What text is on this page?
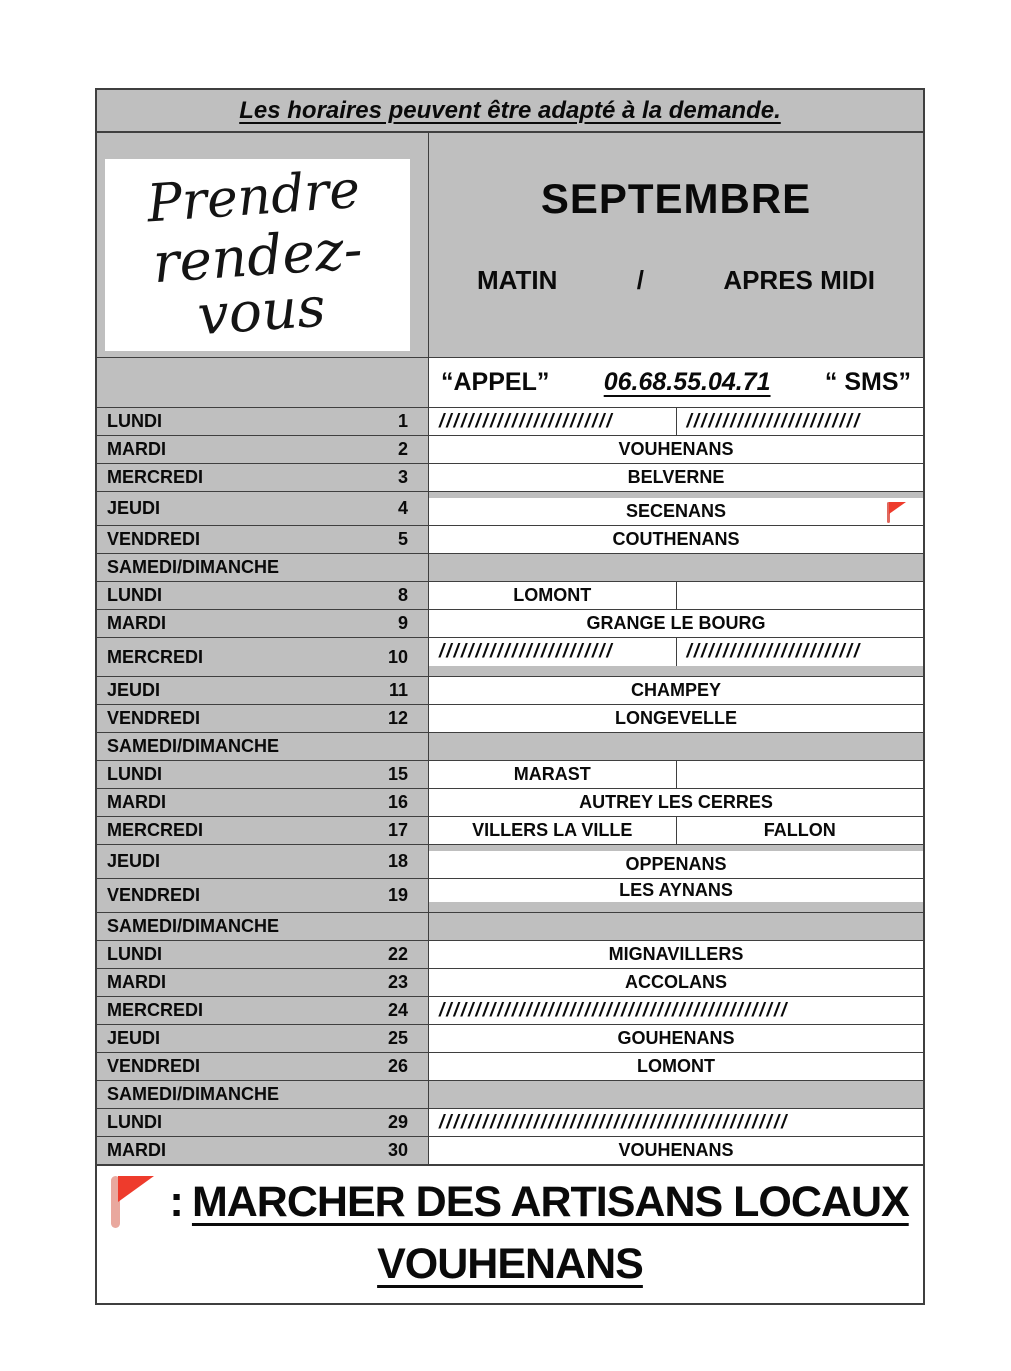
Les horaires peuvent être adapté à la demande.
Prendre
rendez-vous
SEPTEMBRE
MATIN	/	APRES MIDI
“APPEL” 06.68.55.04.71 “ SMS”
LUNDI	1	////////////////////////	////////////////////////
MARDI	2	VOUHENANS
MERCREDI	3	BELVERNE
JEUDI	4	SECENANS
VENDREDI	5	COUTHENANS
SAMEDI/DIMANCHE
LUNDI	8	LOMONT
MARDI	9	GRANGE LE BOURG
MERCREDI	10	////////////////////////	////////////////////////
JEUDI	11	CHAMPEY
VENDREDI	12	LONGEVELLE
SAMEDI/DIMANCHE
LUNDI	15	MARAST
MARDI	16	AUTREY LES CERRES
MERCREDI	17	VILLERS LA VILLE	FALLON
JEUDI	18	OPPENANS
VENDREDI	19	LES AYNANS
SAMEDI/DIMANCHE
LUNDI	22	MIGNAVILLERS
MARDI	23	ACCOLANS
MERCREDI	24	////////////////////////////////////////////////
JEUDI	25	GOUHENANS
VENDREDI	26	LOMONT
SAMEDI/DIMANCHE
LUNDI	29	////////////////////////////////////////////////
MARDI	30	VOUHENANS
: MARCHER DES ARTISANS LOCAUX
VOUHENANS
